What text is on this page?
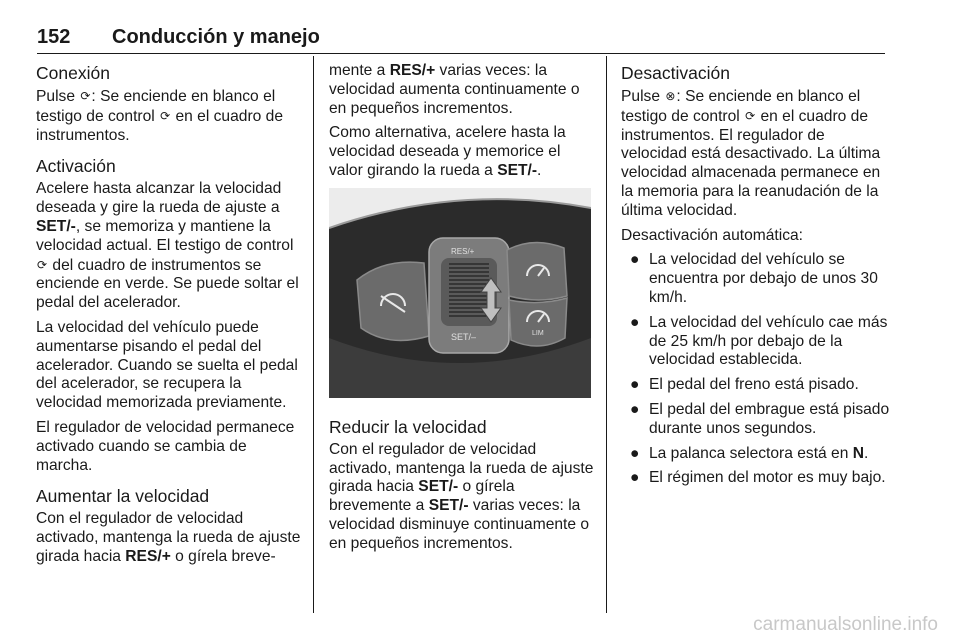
152 Conducción y manejo
Conexión

Pulse ⟳: Se enciende en blanco el testigo de control ⟳ en el cuadro de instrumentos.

Activación

Acelere hasta alcanzar la velocidad deseada y gire la rueda de ajuste a SET/-, se memoriza y mantiene la velocidad actual. El testigo de control ⟳ del cuadro de instrumentos se enciende en verde. Se puede soltar el pedal del acelerador.

La velocidad del vehículo puede aumentarse pisando el pedal del acelerador. Cuando se suelta el pedal del acelerador, se recupera la velocidad memorizada previamente.

El regulador de velocidad permanece activado cuando se cambia de marcha.

Aumentar la velocidad

Con el regulador de velocidad activado, mantenga la rueda de ajuste girada hacia RES/+ o gírela breve-

mente a RES/+ varias veces: la velocidad aumenta continuamente o en pequeños incrementos.

Como alternativa, acelere hasta la velocidad deseada y memorice el valor girando la rueda a SET/-.

RES/+
SET/–	LIM
Reducir la velocidad

Con el regulador de velocidad activado, mantenga la rueda de ajuste girada hacia SET/- o gírela brevemente a SET/- varias veces: la velocidad disminuye continuamente o en pequeños incrementos.

Desactivación

Pulse ⊗: Se enciende en blanco el testigo de control ⟳ en el cuadro de instrumentos. El regulador de velocidad está desactivado. La última velocidad almacenada permanece en la memoria para la reanudación de la última velocidad.

Desactivación automática:

● La velocidad del vehículo se encuentra por debajo de unos 30 km/h.
● La velocidad del vehículo cae más de 25 km/h por debajo de la velocidad establecida.
● El pedal del freno está pisado.
● El pedal del embrague está pisado durante unos segundos.
● La palanca selectora está en N.
● El régimen del motor es muy bajo.
carmanualsonline.info
